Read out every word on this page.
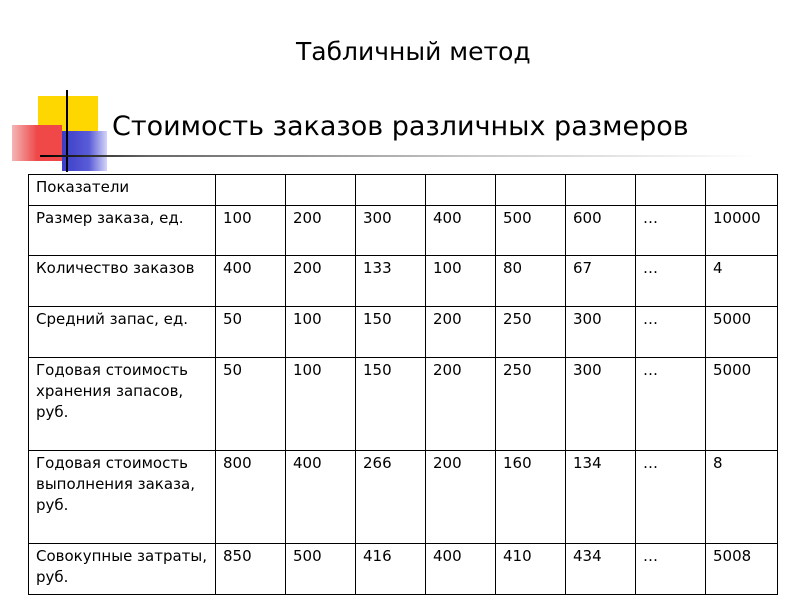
Табличный метод
Стоимость заказов различных размеров
Показатели								
Размер заказа, ед.	100	200	300	400	500	600	…	10000
Количество заказов	400	200	133	100	80	67	…	4
Средний запас, ед.	50	100	150	200	250	300	…	5000
Годовая стоимость хранения запасов, руб.	50	100	150	200	250	300	…	5000
Годовая стоимость выполнения заказа, руб.	800	400	266	200	160	134	…	8
Совокупные затраты, руб.	850	500	416	400	410	434	…	5008
